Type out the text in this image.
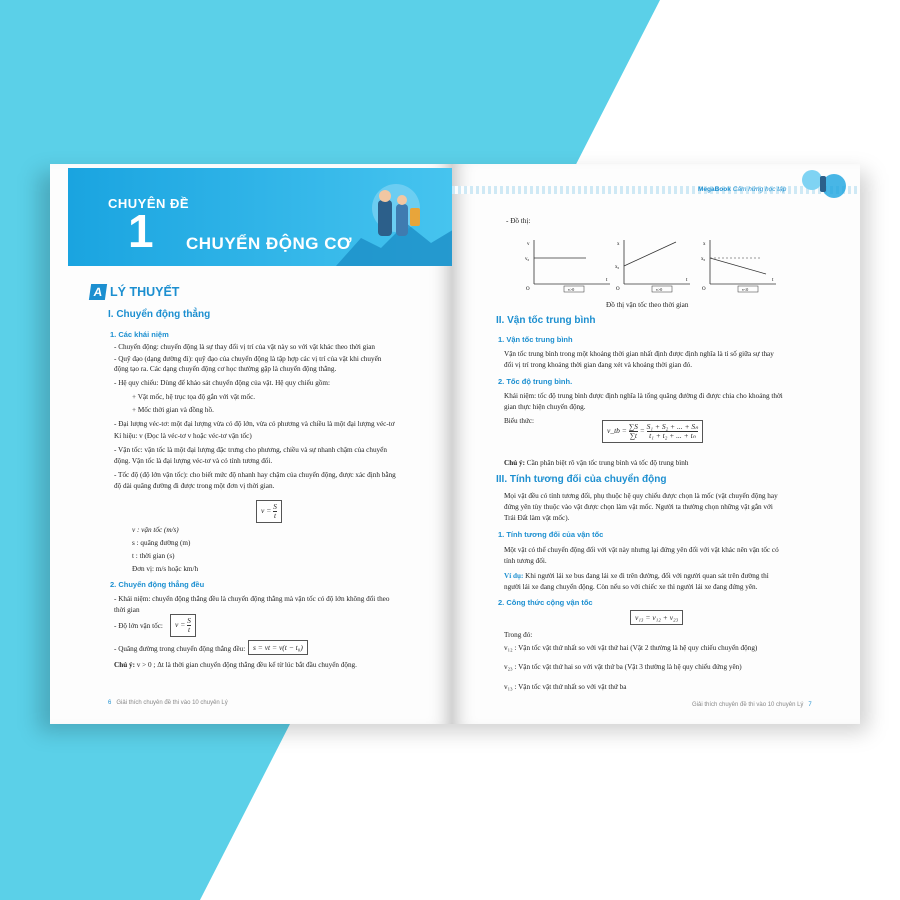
CHUYÊN ĐỀ
1 CHUYỂN ĐỘNG CƠ
A LÝ THUYẾT
I. Chuyển động thẳng
1. Các khái niệm
- Chuyển động: chuyển động là sự thay đổi vị trí của vật này so với vật khác theo thời gian
- Quỹ đạo (dạng đường đi): quỹ đạo của chuyển động là tập hợp các vị trí của vật khi chuyển
động tạo ra. Các dạng chuyển động cơ học thường gặp là chuyển động thẳng.
- Hệ quy chiếu: Dùng để khảo sát chuyển động của vật. Hệ quy chiếu gồm:
+ Vật mốc, hệ trục tọa độ gắn với vật mốc.
+ Mốc thời gian và đồng hồ.
- Đại lượng véc-tơ: một đại lượng vừa có độ lớn, vừa có phương và chiều là một đại lượng véc-tơ
Kí hiệu: v (Đọc là véc-tơ v hoặc véc-tơ vận tốc)
- Vận tốc: vận tốc là một đại lượng đặc trưng cho phương, chiều và sự nhanh chậm của chuyển
động. Vận tốc là đại lượng véc-tơ và có tính tương đối.
- Tốc độ (độ lớn vận tốc): cho biết mức độ nhanh hay chậm của chuyển động, được xác định bằng
độ dài quãng đường đi được trong một đơn vị thời gian.
$v = \frac{S}{t}$
v : vận tốc (m/s)
s : quãng đường (m)
t : thời gian (s)
Đơn vị: m/s hoặc km/h
2. Chuyển động thẳng đều
- Khái niệm: chuyển động thẳng đều là chuyển động thẳng mà vận tốc có độ lớn không đổi theo
thời gian
- Độ lớn vận tốc:	$v = \frac{S}{t}$
- Quãng đường trong chuyển động thẳng đều:	s = vt = v(t − t₀)
Chú ý: v > 0 ; Δt là thời gian chuyển động thẳng đều kể từ lúc bắt đầu chuyển động.
6 Giải thích chuyên đề thi vào 10 chuyên Lý
MegaBook Cảm hứng học tập
- Đồ thị:
v
v₀
O
t
v>0
x
x₀
O
t
v>0
x
x₀
O
t
v<0
Đồ thị vận tốc theo thời gian
II. Vận tốc trung bình
1. Vận tốc trung bình
Vận tốc trung bình trong một khoảng thời gian nhất định được định nghĩa là tỉ số giữa sự thay
đổi vị trí trong khoảng thời gian đang xét và khoảng thời gian đó.
2. Tốc độ trung bình.
Khái niệm: tốc độ trung bình được định nghĩa là tổng quãng đường đi được chia cho khoảng thời
gian thực hiện chuyển động.
Biểu thức:
v_tb = $\frac{\sum S}{\sum t} = \frac{\text{S₁ + S₂ + ... + Sₙ}}{\text{t₁ + t₂ + ... + tₙ}}$
Chú ý: Cần phân biệt rõ vận tốc trung bình và tốc độ trung bình
III. Tính tương đối của chuyển động
Mọi vật đều có tính tương đối, phụ thuộc hệ quy chiếu được chọn là mốc (vật chuyển động hay
đứng yên tùy thuộc vào vật được chọn làm vật mốc. Người ta thường chọn những vật gắn với
Trái Đất làm vật mốc).
1. Tính tương đối của vận tốc
Một vật có thể chuyển động đối với vật này nhưng lại đứng yên đối với vật khác nên vận tốc có
tính tương đối.
Ví dụ: Khi người lái xe bus đang lái xe đi trên đường, đối với người quan sát trên đường thì
người lái xe đang chuyển động. Còn nếu so với chiếc xe thì người lái xe đang đứng yên.
2. Công thức cộng vận tốc
v₁₃ = v₁₂ + v₂₃
Trong đó:
v₁₂ : Vận tốc vật thứ nhất so với vật thứ hai (Vật 2 thường là hệ quy chiếu chuyển động)
v₂₃ : Vận tốc vật thứ hai so với vật thứ ba (Vật 3 thường là hệ quy chiếu đứng yên)
v₁₃ : Vận tốc vật thứ nhất so với vật thứ ba
Giải thích chuyên đề thi vào 10 chuyên Lý 7
